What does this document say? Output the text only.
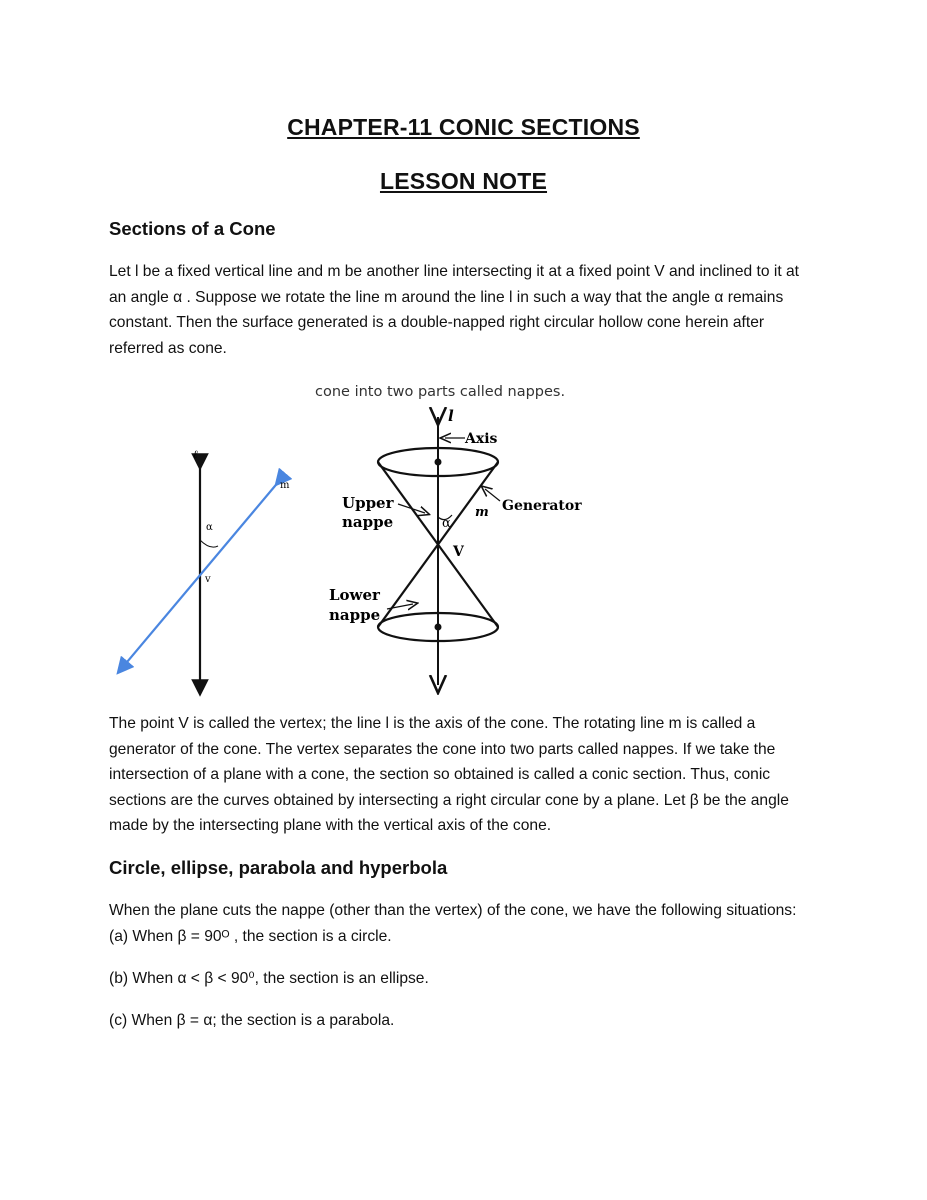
CHAPTER-11 CONIC SECTIONS
LESSON NOTE
Sections of a Cone
Let l be a fixed vertical line and m be another line intersecting it at a fixed point V and inclined to it at an angle α . Suppose we rotate the line m around the line l in such a way that the angle α remains constant. Then the surface generated is a double-napped right circular hollow cone herein after referred as cone.
cone into two parts called nappes.
ℓ
m
α
v
l
Axis
Generator
m
α
V
Upper
nappe
Lower
nappe
The point V is called the vertex; the line l is the axis of the cone. The rotating line m is called a generator of the cone. The vertex separates the cone into two parts called nappes. If we take the intersection of a plane with a cone, the section so obtained is called a conic section. Thus, conic sections are the curves obtained by intersecting a right circular cone by a plane. Let β be the angle made by the intersecting plane with the vertical axis of the cone.
Circle, ellipse, parabola and hyperbola
When the plane cuts the nappe (other than the vertex) of the cone, we have the following situations: (a) When β = 90ᴼ , the section is a circle.
(b) When α < β < 90⁰, the section is an ellipse.
(c) When β = α; the section is a parabola.
